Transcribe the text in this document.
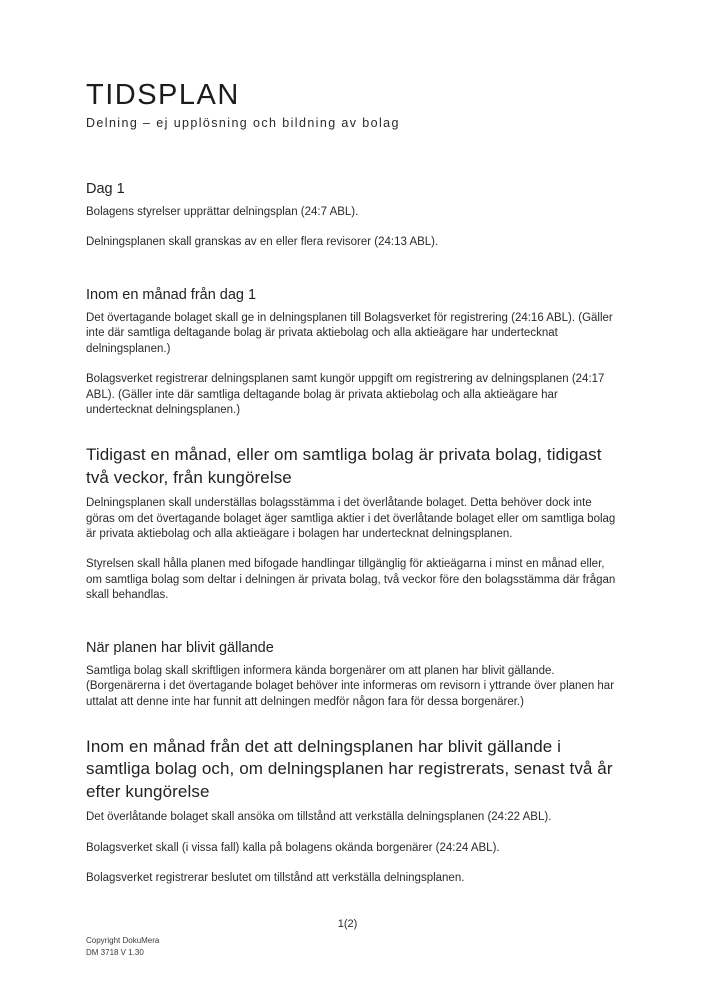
TIDSPLAN
Delning – ej upplösning och bildning av bolag
Dag 1

Bolagens styrelser upprättar delningsplan (24:7 ABL).

Delningsplanen skall granskas av en eller flera revisorer (24:13 ABL).

Inom en månad från dag 1

Det övertagande bolaget skall ge in delningsplanen till Bolagsverket för registrering (24:16 ABL). (Gäller inte där samtliga deltagande bolag är privata aktiebolag och alla aktieägare har undertecknat delningsplanen.)

Bolagsverket registrerar delningsplanen samt kungör uppgift om registrering av delningsplanen (24:17 ABL). (Gäller inte där samtliga deltagande bolag är privata aktiebolag och alla aktieägare har undertecknat delningsplanen.)

Tidigast en månad, eller om samtliga bolag är privata bolag, tidigast två veckor, från kungörelse

Delningsplanen skall underställas bolagsstämma i det överlåtande bolaget. Detta behöver dock inte göras om det övertagande bolaget äger samtliga aktier i det överlåtande bolaget eller om samtliga bolag är privata aktiebolag och alla aktieägare i bolagen har undertecknat delningsplanen.

Styrelsen skall hålla planen med bifogade handlingar tillgänglig för aktieägarna i minst en månad eller, om samtliga bolag som deltar i delningen är privata bolag, två veckor före den bolagsstämma där frågan skall behandlas.

När planen har blivit gällande

Samtliga bolag skall skriftligen informera kända borgenärer om att planen har blivit gällande. (Borgenärerna i det övertagande bolaget behöver inte informeras om revisorn i yttrande över planen har uttalat att denne inte har funnit att delningen medför någon fara för dessa borgenärer.)

Inom en månad från det att delningsplanen har blivit gällande i samtliga bolag och, om delningsplanen har registrerats, senast två år efter kungörelse

Det överlåtande bolaget skall ansöka om tillstånd att verkställa delningsplanen (24:22 ABL).

Bolagsverket skall (i vissa fall) kalla på bolagens okända borgenärer (24:24 ABL).

Bolagsverket registrerar beslutet om tillstånd att verkställa delningsplanen.

1(2)
Copyright DokuMera
DM 3718 V 1.30
